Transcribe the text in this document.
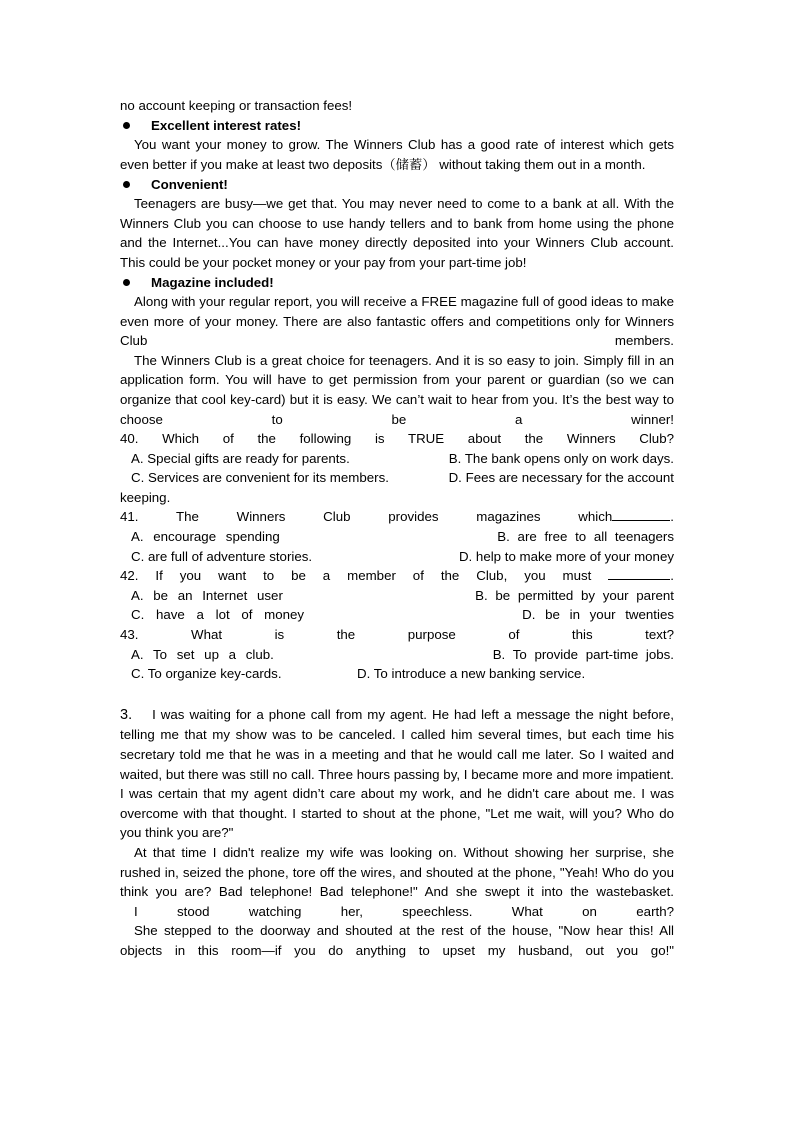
no account keeping or transaction fees!

Excellent interest rates!

You want your money to grow. The Winners Club has a good rate of interest which gets even better if you make at least two deposits（储蓄） without taking them out in a month.

Convenient!

Teenagers are busy—we get that. You may never need to come to a bank at all. With the Winners Club you can choose to use handy tellers and to bank from home using the phone and the Internet...You can have money directly deposited into your Winners Club account. This could be your pocket money or your pay from your part-time job!

Magazine included!

Along with your regular report, you will receive a FREE magazine full of good ideas to make even more of your money. There are also fantastic offers and competitions only for Winners Club members.

The Winners Club is a great choice for teenagers. And it is so easy to join. Simply fill in an application form. You will have to get permission from your parent or guardian (so we can organize that cool key-card) but it is easy. We can’t wait to hear from you. It’s the best way to choose to be a winner!

40. Which of the following is TRUE about the Winners Club?

A. Special gifts are ready for parents.	B. The bank opens only on work days.
C. Services are convenient for its members.	D. Fees are necessary for the account

keeping.

41. The Winners Club provides magazines which	.

A. encourage spending	B. are free to all teenagers
C. are full of adventure stories.	D. help to make more of your money

42. If you want to be a member of the Club, you must	.

A. be an Internet user	B. be permitted by your parent
C. have a lot of money	D. be in your twenties

43. What is the purpose of this text?

A. To set up a club.	B. To provide part-time jobs.
C. To organize key-cards.	D. To introduce a new banking service.

3. I was waiting for a phone call from my agent. He had left a message the night before, telling me that my show was to be canceled. I called him several times, but each time his secretary told me that he was in a meeting and that he would call me later. So I waited and waited, but there was still no call. Three hours passing by, I became more and more impatient. I was certain that my agent didn’t care about my work, and he didn't care about me. I was overcome with that thought. I started to shout at the phone, "Let me wait, will you? Who do you think you are?"

At that time I didn't realize my wife was looking on. Without showing her surprise, she rushed in, seized the phone, tore off the wires, and shouted at the phone, "Yeah! Who do you think you are? Bad telephone! Bad telephone!" And she swept it into the wastebasket.

I stood watching her, speechless. What on earth?

She stepped to the doorway and shouted at the rest of the house, "Now hear this! All objects in this room—if you do anything to upset my husband, out you go!"
